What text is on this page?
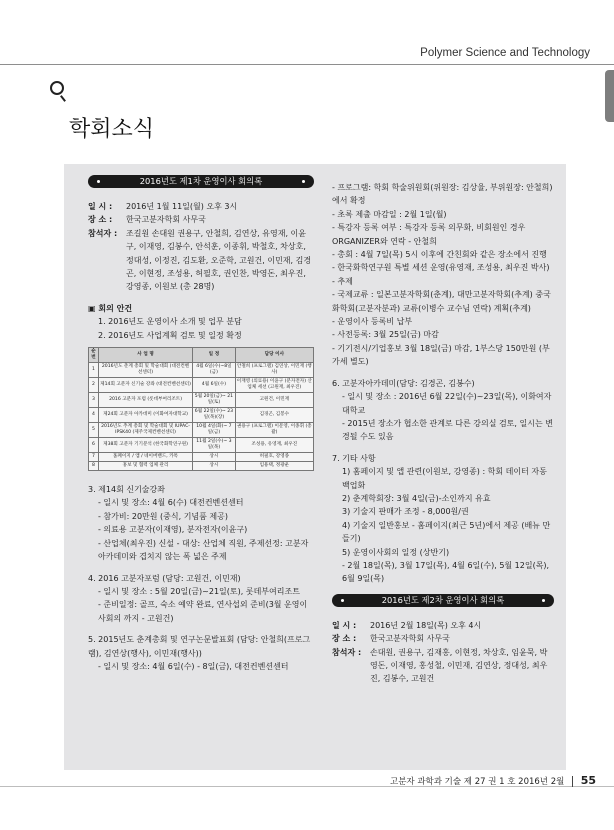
Polymer Science and Technology
학회소식
2016년도 제1차 운영이사 회의록
일 시 :	2016년 1월 11일(월) 오후 3시
장 소 :	한국고분자학회 사무국
참석자 :	조길원 손대원 권용구, 안철희, 김연상, 유영재, 이윤구, 이재영, 김봉수, 안석훈, 이종휘, 박철호, 차상호, 정대성, 이정진, 김도환, 오준학, 고원건, 이민재, 김경곤, 이현정, 조성용, 허필호, 권인찬, 박영돈, 최우진, 강영종, 이원보 (총 28명)

▣ 회의 안건

1. 2016년도 운영이사 소개 및 업무 분담

2. 2016년도 사업계획 검토 및 일정 확정

순번	사 업 명	일 정	담당 이사
1	2016년도 춘계 총회 및 학술대회 (대전컨벤션센터)	4월 6일(수)~8일(금)	안철희 (프로그램) 김연상, 이민재 (행사)
2	제14회 고분자 신기술 강좌 (대전컨벤션센터)	4월 6일(수)	이재영 (의료용) 이윤구 (분자전자) 산업체 세션 (고원재, 최우진)
3	2016 고분자 포럼 (롯데부여리조트)	5월 20일(금)~ 21일(토)	고원건, 이민재
4	제24회 고분자 아카데미 (이화여자대학교)	6월 22일(수)~ 23일(목)(장)	김경곤, 김봉수
5	2016년도 추계 총회 및 학술대회 및 IUPAC-IPSK40 (제주국제컨벤션센터)	10월 4일(화)~ 7일(금)	권용구 (프로그램) 이문영, 이종휘 (총괄)
6	제38회 고분자 기기분석 (한국화학연구원)	11월 2일(수)~ 3일(목)	조성용, 유영재, 최우진
7	홈페이지 / 앱 / 네이버밴드, 카톡	상시	허필호, 강영종
8	홍보 및 협력 업체 관리	상시	임용택, 정광운

3. 제14회 신기술강좌

- 일시 및 장소: 4월 6(수) 대전컨벤션센터

- 참가비: 20만원 (중식, 기념품 제공)

- 의료용 고분자(이재영), 분자전자(이윤구)

- 산업체(최우진) 신설 - 대상: 산업체 직원, 주제선정: 고분자아카데미와 겹치지 않는 폭 넓은 주제

4. 2016 고분자포럼 (담당: 고원건, 이민재)

- 일시 및 장소 : 5월 20일(금)~21일(토), 롯데부여리조트

- 준비일정: 골프, 숙소 예약 완료, 연사섭외 준비(3월 운영이사회의 까지 - 고원건)

5. 2015년도 춘계총회 및 연구논문발표회 (담당: 안철희(프로그램), 김연상(행사), 이민재(행사))

- 일시 및 장소: 4월 6일(수) - 8일(금), 대전컨벤션센터

- 프로그램: 학회 학술위원회(위원장: 김상율, 부위원장: 안철희)에서 확정

- 초록 제출 마감일 : 2월 1일(월)

- 특강자 등록 여부 : 특강자 등록 의무화, 비회원인 경우 ORGANIZER와 연락 - 안철희

- 총회 : 4월 7일(목) 5시 이후에 간친회와 같은 장소에서 진행

- 한국화학연구원 특별 세션 운영(유영재, 조성용, 최우진 박사) - 추제

- 국제교류 : 일본고분자학회(춘계), 대만고분자학회(추계) 중국화학회(고분자분과) 교류(이병수 교수님 연락) 계획(추계)

- 운영이사 등록비 납부

- 사전등록: 3월 25일(금) 마감

- 기기전시/기업홍보 3월 18일(금) 마감, 1부스당 150만원 (부가세 별도)

6. 고분자아카데미(담당: 김경곤, 김봉수)

- 일시 및 장소 : 2016년 6월 22일(수)~23일(목), 이화여자대학교

- 2015년 장소가 협소한 관계로 다른 강의실 검토, 일시는 변경될 수도 있음

7. 기타 사항

1) 홈페이지 및 앱 관련(이원보, 강영종) : 학회 데이터 자동 백업화

2) 춘계학회장: 3월 4일(금)-소인까지 유효

3) 기술지 판매가 조정 - 8,000원/권

4) 기술지 일반홍보 - 홈페이지(최근 5년)에서 제공 (배뉴 만들기)

5) 운영이사회의 일정 (상반기)

- 2월 18일(목), 3월 17일(목), 4월 6일(수), 5월 12일(목), 6월 9일(목)

2016년도 제2차 운영이사 회의록
일 시 :	2016년 2월 18일(목) 오후 4시
장 소 :	한국고분자학회 사무국
참석자 :	손대원, 권용구, 김재홍, 이현정, 차상호, 임윤묵, 박영돈, 이재영, 홍성철, 이민재, 김연상, 정대성, 최우진, 김봉수, 고원건
고분자 과학과 기술 제 27 권 1 호 2016년 2월 55
